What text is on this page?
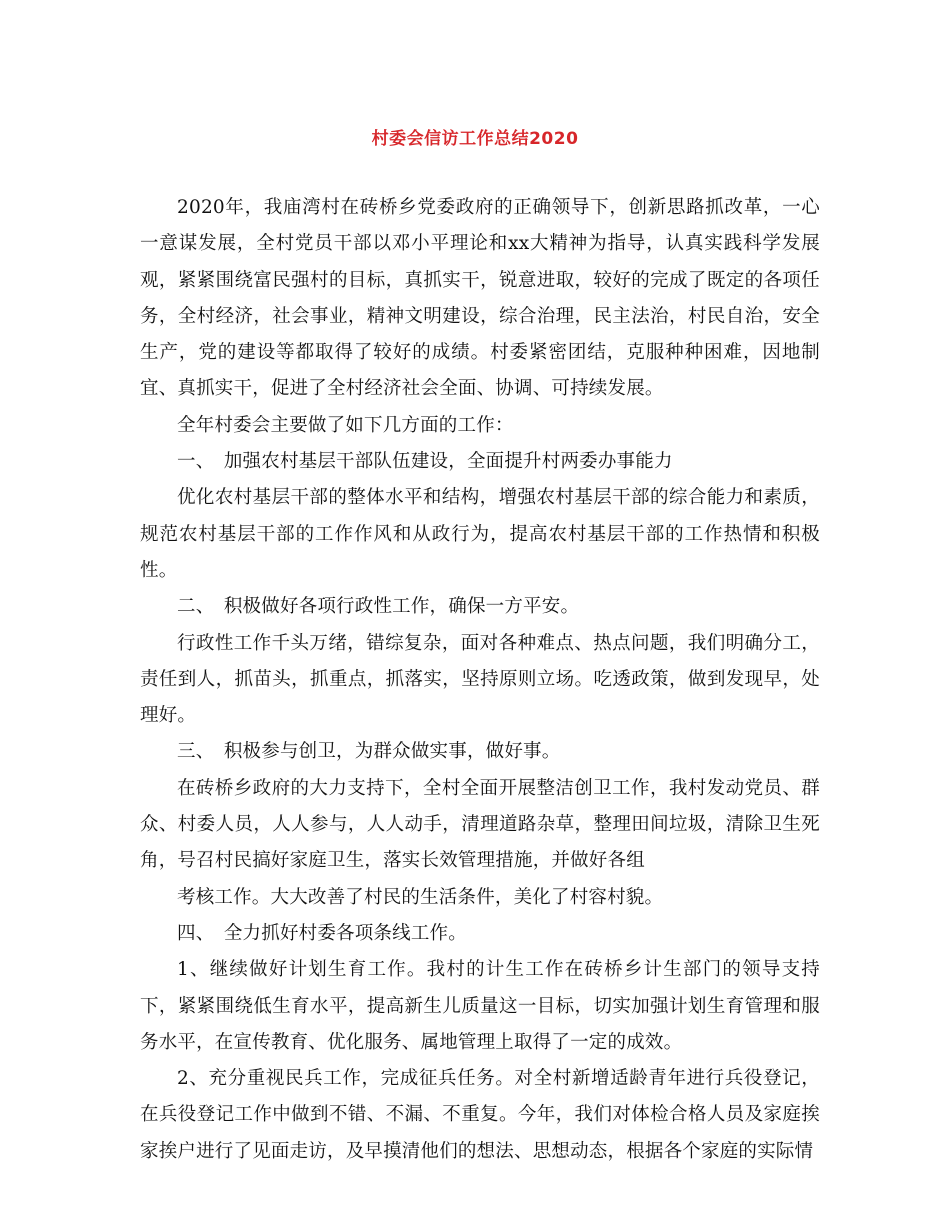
村委会信访工作总结2020

2020年，我庙湾村在砖桥乡党委政府的正确领导下，创新思路抓改革，一心一意谋发展，全村党员干部以邓小平理论和xx大精神为指导，认真实践科学发展观，紧紧围绕富民强村的目标，真抓实干，锐意进取，较好的完成了既定的各项任务，全村经济，社会事业，精神文明建设，综合治理，民主法治，村民自治，安全生产，党的建设等都取得了较好的成绩。村委紧密团结，克服种种困难，因地制宜、真抓实干，促进了全村经济社会全面、协调、可持续发展。

全年村委会主要做了如下几方面的工作：

一、　加强农村基层干部队伍建设，全面提升村两委办事能力

优化农村基层干部的整体水平和结构，增强农村基层干部的综合能力和素质，规范农村基层干部的工作作风和从政行为，提高农村基层干部的工作热情和积极性。

二、　积极做好各项行政性工作，确保一方平安。

行政性工作千头万绪，错综复杂，面对各种难点、热点问题，我们明确分工，责任到人，抓苗头，抓重点，抓落实，坚持原则立场。吃透政策，做到发现早，处理好。

三、　积极参与创卫，为群众做实事，做好事。

在砖桥乡政府的大力支持下，全村全面开展整洁创卫工作，我村发动党员、群众、村委人员，人人参与，人人动手，清理道路杂草，整理田间垃圾，清除卫生死角，号召村民搞好家庭卫生，落实长效管理措施，并做好各组

考核工作。大大改善了村民的生活条件，美化了村容村貌。

四、　全力抓好村委各项条线工作。

1、继续做好计划生育工作。我村的计生工作在砖桥乡计生部门的领导支持下，紧紧围绕低生育水平，提高新生儿质量这一目标，切实加强计划生育管理和服务水平，在宣传教育、优化服务、属地管理上取得了一定的成效。

2、充分重视民兵工作，完成征兵任务。对全村新增适龄青年进行兵役登记，在兵役登记工作中做到不错、不漏、不重复。今年，我们对体检合格人员及家庭挨家挨户进行了见面走访，及早摸清他们的想法、思想动态，根据各个家庭的实际情
